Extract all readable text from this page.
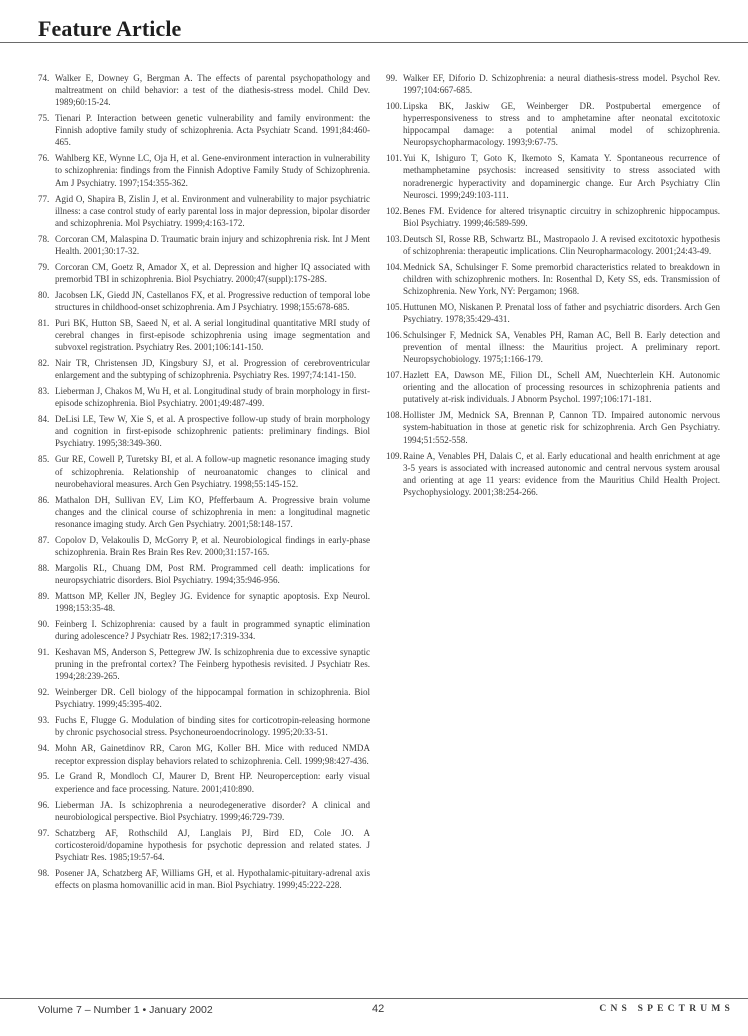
Feature Article
74. Walker E, Downey G, Bergman A. The effects of parental psychopathology and maltreatment on child behavior: a test of the diathesis-stress model. Child Dev. 1989;60:15-24.
75. Tienari P. Interaction between genetic vulnerability and family environment: the Finnish adoptive family study of schizophrenia. Acta Psychiatr Scand. 1991;84:460-465.
76. Wahlberg KE, Wynne LC, Oja H, et al. Gene-environment interaction in vulnerability to schizophrenia: findings from the Finnish Adoptive Family Study of Schizophrenia. Am J Psychiatry. 1997;154:355-362.
77. Agid O, Shapira B, Zislin J, et al. Environment and vulnerability to major psychiatric illness: a case control study of early parental loss in major depression, bipolar disorder and schizophrenia. Mol Psychiatry. 1999;4:163-172.
78. Corcoran CM, Malaspina D. Traumatic brain injury and schizophrenia risk. Int J Ment Health. 2001;30:17-32.
79. Corcoran CM, Goetz R, Amador X, et al. Depression and higher IQ associated with premorbid TBI in schizophrenia. Biol Psychiatry. 2000;47(suppl):17S-28S.
80. Jacobsen LK, Giedd JN, Castellanos FX, et al. Progressive reduction of temporal lobe structures in childhood-onset schizophrenia. Am J Psychiatry. 1998;155:678-685.
81. Puri BK, Hutton SB, Saeed N, et al. A serial longitudinal quantitative MRI study of cerebral changes in first-episode schizophrenia using image segmentation and subvoxel registration. Psychiatry Res. 2001;106:141-150.
82. Nair TR, Christensen JD, Kingsbury SJ, et al. Progression of cerebroventricular enlargement and the subtyping of schizophrenia. Psychiatry Res. 1997;74:141-150.
83. Lieberman J, Chakos M, Wu H, et al. Longitudinal study of brain morphology in first-episode schizophrenia. Biol Psychiatry. 2001;49:487-499.
84. DeLisi LE, Tew W, Xie S, et al. A prospective follow-up study of brain morphology and cognition in first-episode schizophrenic patients: preliminary findings. Biol Psychiatry. 1995;38:349-360.
85. Gur RE, Cowell P, Turetsky BI, et al. A follow-up magnetic resonance imaging study of schizophrenia. Relationship of neuroanatomic changes to clinical and neurobehavioral measures. Arch Gen Psychiatry. 1998;55:145-152.
86. Mathalon DH, Sullivan EV, Lim KO, Pfefferbaum A. Progressive brain volume changes and the clinical course of schizophrenia in men: a longitudinal magnetic resonance imaging study. Arch Gen Psychiatry. 2001;58:148-157.
87. Copolov D, Velakoulis D, McGorry P, et al. Neurobiological findings in early-phase schizophrenia. Brain Res Brain Res Rev. 2000;31:157-165.
88. Margolis RL, Chuang DM, Post RM. Programmed cell death: implications for neuropsychiatric disorders. Biol Psychiatry. 1994;35:946-956.
89. Mattson MP, Keller JN, Begley JG. Evidence for synaptic apoptosis. Exp Neurol. 1998;153:35-48.
90. Feinberg I. Schizophrenia: caused by a fault in programmed synaptic elimination during adolescence? J Psychiatr Res. 1982;17:319-334.
91. Keshavan MS, Anderson S, Pettegrew JW. Is schizophrenia due to excessive synaptic pruning in the prefrontal cortex? The Feinberg hypothesis revisited. J Psychiatr Res. 1994;28:239-265.
92. Weinberger DR. Cell biology of the hippocampal formation in schizophrenia. Biol Psychiatry. 1999;45:395-402.
93. Fuchs E, Flugge G. Modulation of binding sites for corticotropin-releasing hormone by chronic psychosocial stress. Psychoneuroendocrinology. 1995;20:33-51.
94. Mohn AR, Gainetdinov RR, Caron MG, Koller BH. Mice with reduced NMDA receptor expression display behaviors related to schizophrenia. Cell. 1999;98:427-436.
95. Le Grand R, Mondloch CJ, Maurer D, Brent HP. Neuroperception: early visual experience and face processing. Nature. 2001;410:890.
96. Lieberman JA. Is schizophrenia a neurodegenerative disorder? A clinical and neurobiological perspective. Biol Psychiatry. 1999;46:729-739.
97. Schatzberg AF, Rothschild AJ, Langlais PJ, Bird ED, Cole JO. A corticosteroid/dopamine hypothesis for psychotic depression and related states. J Psychiatr Res. 1985;19:57-64.
98. Posener JA, Schatzberg AF, Williams GH, et al. Hypothalamic-pituitary-adrenal axis effects on plasma homovanillic acid in man. Biol Psychiatry. 1999;45:222-228.
99. Walker EF, Diforio D. Schizophrenia: a neural diathesis-stress model. Psychol Rev. 1997;104:667-685.
100. Lipska BK, Jaskiw GE, Weinberger DR. Postpubertal emergence of hyperresponsiveness to stress and to amphetamine after neonatal excitotoxic hippocampal damage: a potential animal model of schizophrenia. Neuropsychopharmacology. 1993;9:67-75.
101. Yui K, Ishiguro T, Goto K, Ikemoto S, Kamata Y. Spontaneous recurrence of methamphetamine psychosis: increased sensitivity to stress associated with noradrenergic hyperactivity and dopaminergic change. Eur Arch Psychiatry Clin Neurosci. 1999;249:103-111.
102. Benes FM. Evidence for altered trisynaptic circuitry in schizophrenic hippocampus. Biol Psychiatry. 1999;46:589-599.
103. Deutsch SI, Rosse RB, Schwartz BL, Mastropaolo J. A revised excitotoxic hypothesis of schizophrenia: therapeutic implications. Clin Neuropharmacology. 2001;24:43-49.
104. Mednick SA, Schulsinger F. Some premorbid characteristics related to breakdown in children with schizophrenic mothers. In: Rosenthal D, Kety SS, eds. Transmission of Schizophrenia. New York, NY: Pergamon; 1968.
105. Huttunen MO, Niskanen P. Prenatal loss of father and psychiatric disorders. Arch Gen Psychiatry. 1978;35:429-431.
106. Schulsinger F, Mednick SA, Venables PH, Raman AC, Bell B. Early detection and prevention of mental illness: the Mauritius project. A preliminary report. Neuropsychobiology. 1975;1:166-179.
107. Hazlett EA, Dawson ME, Filion DL, Schell AM, Nuechterlein KH. Autonomic orienting and the allocation of processing resources in schizophrenia patients and putatively at-risk individuals. J Abnorm Psychol. 1997;106:171-181.
108. Hollister JM, Mednick SA, Brennan P, Cannon TD. Impaired autonomic nervous system-habituation in those at genetic risk for schizophrenia. Arch Gen Psychiatry. 1994;51:552-558.
109. Raine A, Venables PH, Dalais C, et al. Early educational and health enrichment at age 3-5 years is associated with increased autonomic and central nervous system arousal and orienting at age 11 years: evidence from the Mauritius Child Health Project. Psychophysiology. 2001;38:254-266.
Volume 7 – Number 1 • January 2002	42	CNS SPECTRUMS
